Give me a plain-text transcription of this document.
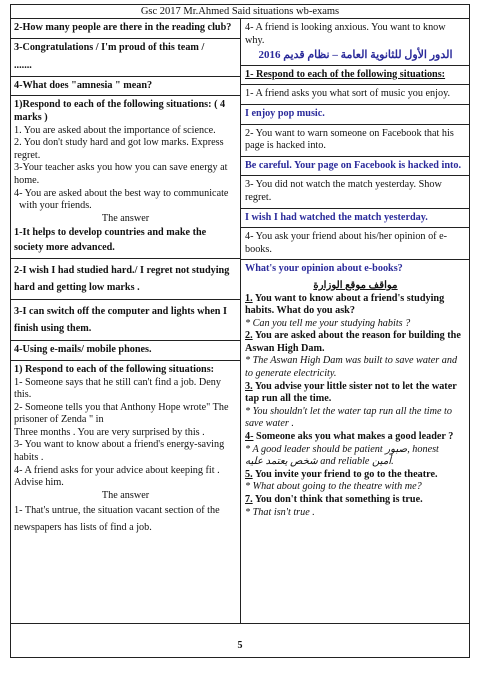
Gsc 2017 Mr.Ahmed Said situations wb-exams

2-How many people are there in the reading club?

3-Congratulations / I'm proud of this team /

.......

4-What does "amnesia " mean?

1)Respond to each of the following situations: ( 4 marks )

1. You are asked about the importance of science.

2. You don't study hard and got low marks. Express regret.

3-Your teacher asks you how you can save energy at home.

4- You are asked about the best way to communicate

with your friends.

The answer

1-It helps to develop countries and make the society more advanced.

2-I wish I had studied hard./ I regret not studying hard and getting low marks .

3-I can switch off the computer and lights when I finish using them.

4-Using e-mails/ mobile phones.

1) Respond to each of the following situations:

1- Someone says that he still can't find a job. Deny this.

2- Someone tells you that Anthony Hope wrote" The prisoner of Zenda " in

Three months . You are very surprised by this .

3- You want to know about a friend's energy-saving habits .

4- A friend asks for your advice about keeping fit . Advise him.

The answer

1- That's untrue, the situation vacant section of the newspapers has lists of find a job.

4- A friend is looking anxious. You want to know why.

الدور الأول للثانوية العامة – نظام قديم 2016

1- Respond to each of the following situations:

1- A friend asks you what sort of music you enjoy.

I enjoy pop music.

2- You want to warn someone on Facebook that his page is hacked into.

Be careful. Your page on Facebook is hacked into.

3- You did not watch the match yesterday. Show regret.

I wish I had watched the match yesterday.

4- You ask your friend about his/her opinion of e-books.

What's your opinion about e-books?

مواقف موقع الوزارة

1. You want to know about a friend's studying habits. What do you ask?

* Can you tell me your studying habits ?

2. You are asked about the reason for building the Aswan High Dam.

* The Aswan High Dam was built to save water and to generate electricity.

3. You advise your little sister not to let the water tap run all the time.

* You shouldn't let the water tap run all the time to save water .

4- Someone aks you what makes a good leader ?

* A good leader should be patient صبور, honest شخص يعتمد عليه and reliable أمين.

5. You invite your friend to go to the theatre.

* What about going to the theatre with me?

7. You don't think that something is true.

* That isn't true .

5
